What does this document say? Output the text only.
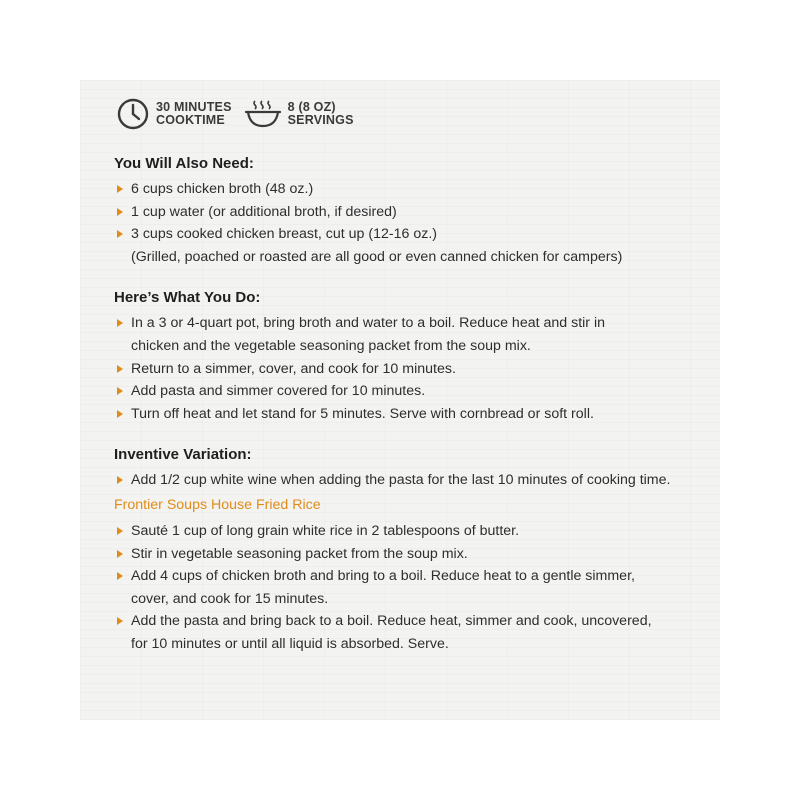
30 MINUTES
COOKTIME
8 (8 OZ)
SERVINGS
You Will Also Need:
6 cups chicken broth (48 oz.)
1 cup water (or additional broth, if desired)
3 cups cooked chicken breast, cut up (12-16 oz.)
(Grilled, poached or roasted are all good or even canned chicken for campers)
Here’s What You Do:
In a 3 or 4-quart pot, bring broth and water to a boil. Reduce heat and stir in
chicken and the vegetable seasoning packet from the soup mix.
Return to a simmer, cover, and cook for 10 minutes.
Add pasta and simmer covered for 10 minutes.
Turn off heat and let stand for 5 minutes. Serve with cornbread or soft roll.
Inventive Variation:
Add 1/2 cup white wine when adding the pasta for the last 10 minutes of cooking time.
Frontier Soups House Fried Rice
Sauté 1 cup of long grain white rice in 2 tablespoons of butter.
Stir in vegetable seasoning packet from the soup mix.
Add 4 cups of chicken broth and bring to a boil. Reduce heat to a gentle simmer,
cover, and cook for 15 minutes.
Add the pasta and bring back to a boil. Reduce heat, simmer and cook, uncovered,
for 10 minutes or until all liquid is absorbed. Serve.
